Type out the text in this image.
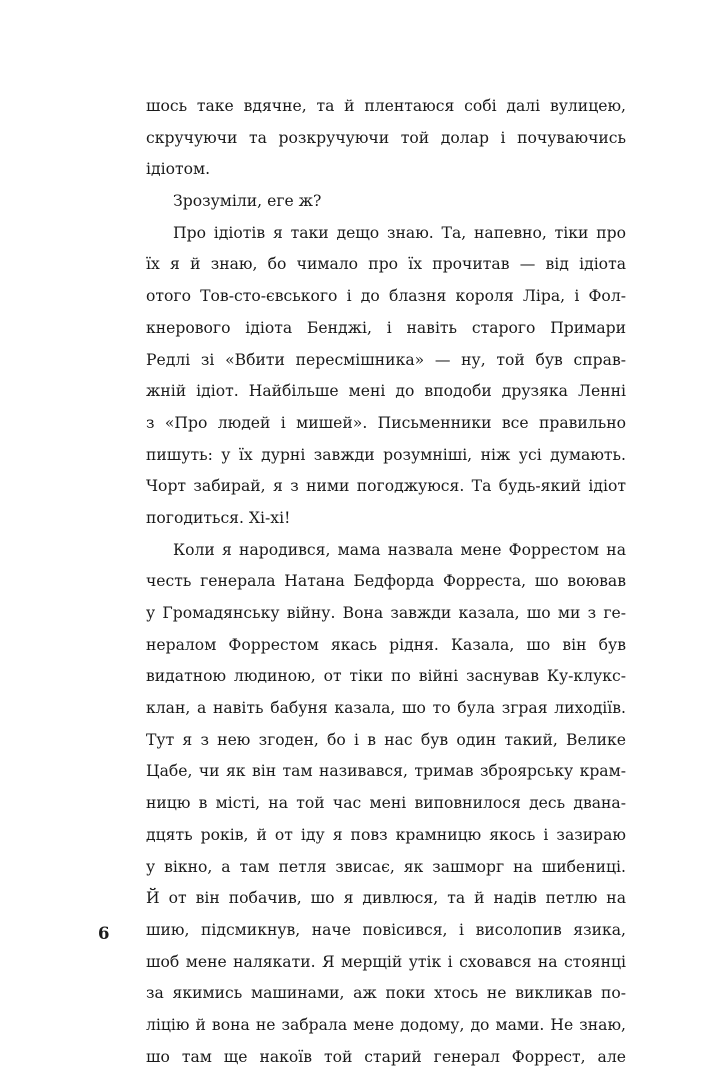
шось таке вдячне, та й плентаюся собі далі вулицею,
скручуючи та розкручуючи той долар і почуваючись
ідіотом.
Зрозуміли, еге ж?
Про ідіотів я таки дещо знаю. Та, напевно, тіки про
їх я й знаю, бо чимало про їх прочитав — від ідіота
отого Тов-сто-євського і до блазня короля Ліра, і Фол-
кнерового ідіота Бенджі, і навіть старого Примари
Редлі зі «Вбити пересмішника» — ну, той був справ-
жній ідіот. Найбільше мені до вподоби друзяка Ленні
з «Про людей і мишей». Письменники все правильно
пишуть: у їх дурні завжди розумніші, ніж усі думають.
Чорт забирай, я з ними погоджуюся. Та будь-який ідіот
погодиться. Хі-хі!
Коли я народився, мама назвала мене Форрестом на
честь генерала Натана Бедфорда Форреста, шо воював
у Громадянську війну. Вона завжди казала, шо ми з ге-
нералом Форрестом якась рідня. Казала, шо він був
видатною людиною, от тіки по війні заснував Ку-клукс-
клан, а навіть бабуня казала, шо то була зграя лиходіїв.
Тут я з нею згоден, бо і в нас був один такий, Велике
Цабе, чи як він там називався, тримав зброярську крам-
ницю в місті, на той час мені виповнилося десь двана-
дцять років, й от іду я повз крамницю якось і зазираю
у вікно, а там петля звисає, як зашморг на шибениці.
Й от він побачив, шо я дивлюся, та й надів петлю на
шию, підсмикнув, наче повісився, і висолопив язика,
шоб мене налякати. Я мерщій утік і сховався на стоянці
за якимись машинами, аж поки хтось не викликав по-
ліцію й вона не забрала мене додому, до мами. Не знаю,
шо там ще накоїв той старий генерал Форрест, але
6
